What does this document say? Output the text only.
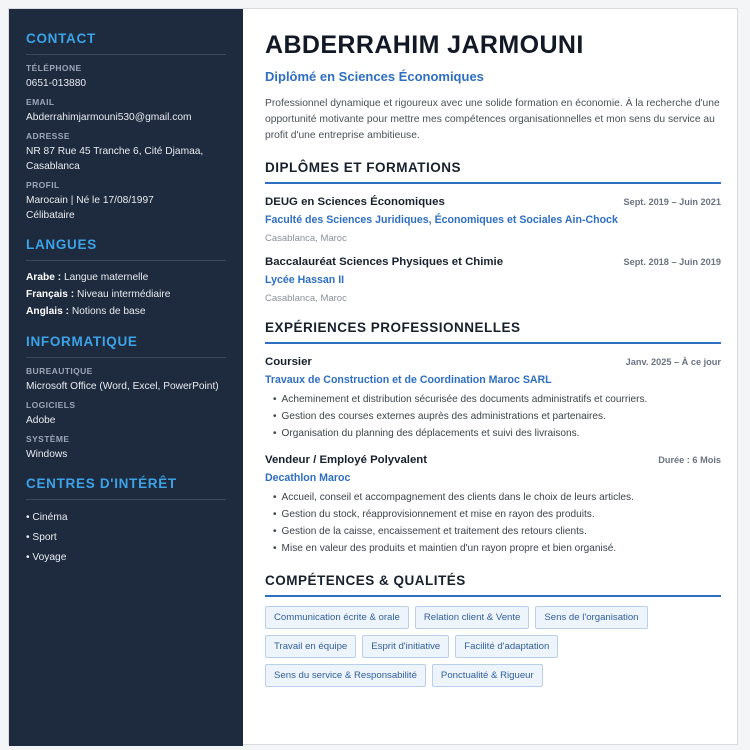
CONTACT
TÉLÉPHONE
0651-013880
EMAIL
Abderrahimjarmouni530@gmail.com
ADRESSE
NR 87 Rue 45 Tranche 6, Cité Djamaa,
Casablanca
PROFIL
Marocain | Né le 17/08/1997
Célibataire
LANGUES
Arabe : Langue maternelle
Français : Niveau intermédiaire
Anglais : Notions de base
INFORMATIQUE
BUREAUTIQUE
Microsoft Office (Word, Excel, PowerPoint)
LOGICIELS
Adobe
SYSTÈME
Windows
CENTRES D'INTÉRÊT
• Cinéma
• Sport
• Voyage
ABDERRAHIM JARMOUNI
Diplômé en Sciences Économiques
Professionnel dynamique et rigoureux avec une solide formation en économie. À la recherche d'une opportunité motivante pour mettre mes compétences organisationnelles et mon sens du service au profit d'une entreprise ambitieuse.
DIPLÔMES ET FORMATIONS
DEUG en Sciences Économiques	Sept. 2019 – Juin 2021
Faculté des Sciences Juridiques, Économiques et Sociales Ain-Chock
Casablanca, Maroc
Baccalauréat Sciences Physiques et Chimie	Sept. 2018 – Juin 2019
Lycée Hassan II
Casablanca, Maroc
EXPÉRIENCES PROFESSIONNELLES
Coursier	Janv. 2025 – À ce jour
Travaux de Construction et de Coordination Maroc SARL
• Acheminement et distribution sécurisée des documents administratifs et courriers.
• Gestion des courses externes auprès des administrations et partenaires.
• Organisation du planning des déplacements et suivi des livraisons.
Vendeur / Employé Polyvalent	Durée : 6 Mois
Decathlon Maroc
• Accueil, conseil et accompagnement des clients dans le choix de leurs articles.
• Gestion du stock, réapprovisionnement et mise en rayon des produits.
• Gestion de la caisse, encaissement et traitement des retours clients.
• Mise en valeur des produits et maintien d'un rayon propre et bien organisé.
COMPÉTENCES & QUALITÉS
Communication écrite & orale	Relation client & Vente	Sens de l'organisation
Travail en équipe	Esprit d'initiative	Facilité d'adaptation
Sens du service & Responsabilité	Ponctualité & Rigueur
